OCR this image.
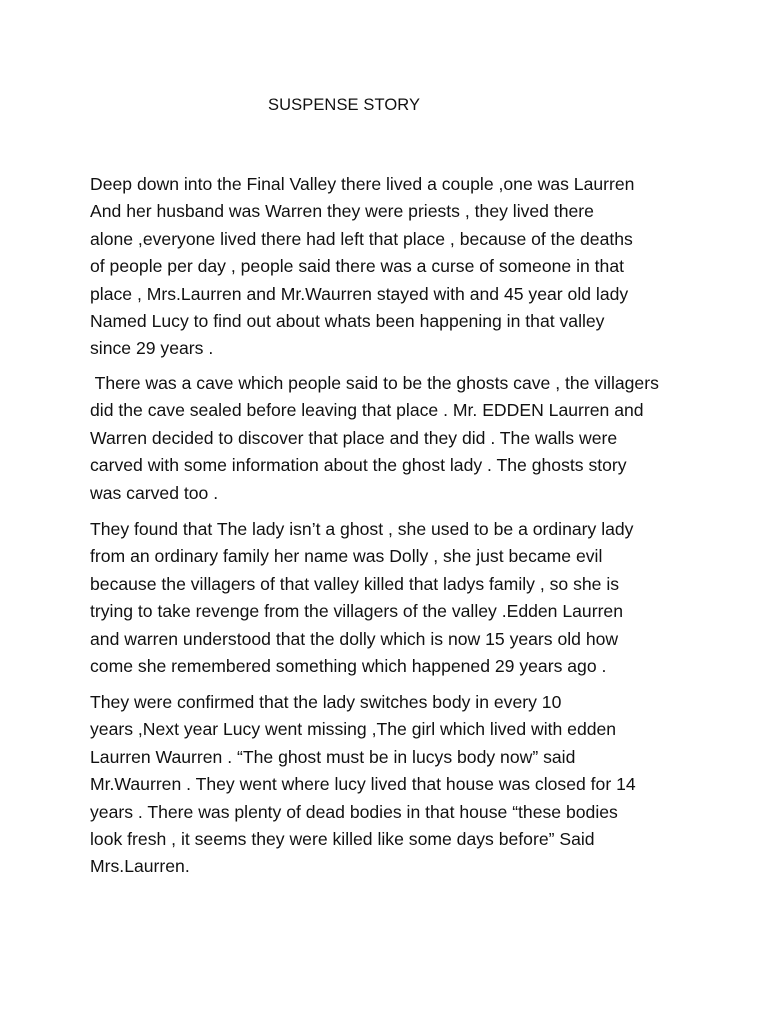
SUSPENSE STORY
Deep down into the Final Valley there lived a couple ,one was Laurren
And her husband was Warren they were priests , they lived there
alone ,everyone lived there had left that place , because of the deaths
of people per day , people said there was a curse of someone in that
place , Mrs.Laurren and Mr.Waurren stayed with and 45 year old lady
Named Lucy to find out about whats been happening in that valley
since 29 years .
There was a cave which people said to be the ghosts cave , the villagers
did the cave sealed before leaving that place . Mr. EDDEN Laurren and
Warren decided to discover that place and they did . The walls were
carved with some information about the ghost lady . The ghosts story
was carved too .
They found that The lady isn’t a ghost , she used to be a ordinary lady
from an ordinary family her name was Dolly , she just became evil
because the villagers of that valley killed that ladys family , so she is
trying to take revenge from the villagers of the valley .Edden Laurren
and warren understood that the dolly which is now 15 years old how
come she remembered something which happened 29 years ago .
They were confirmed that the lady switches body in every 10
years ,Next year Lucy went missing ,The girl which lived with edden
Laurren Waurren . “The ghost must be in lucys body now” said
Mr.Waurren . They went where lucy lived that house was closed for 14
years . There was plenty of dead bodies in that house “these bodies
look fresh , it seems they were killed like some days before” Said
Mrs.Laurren.
